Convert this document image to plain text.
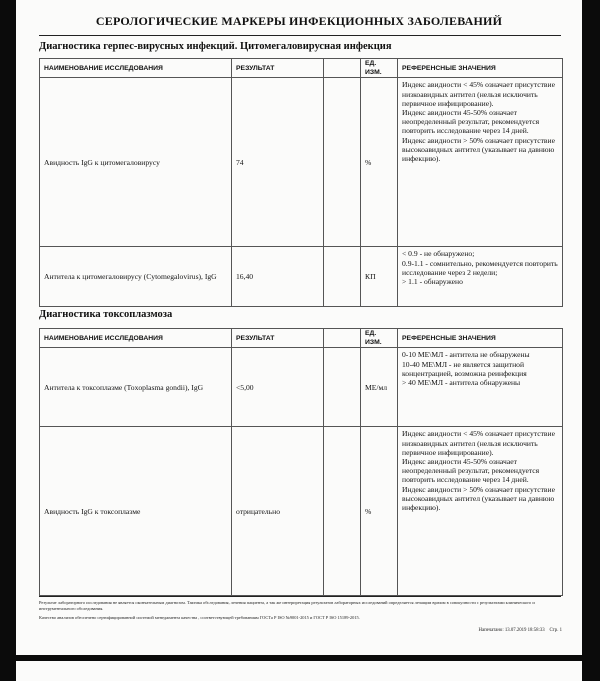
СЕРОЛОГИЧЕСКИЕ МАРКЕРЫ ИНФЕКЦИОННЫХ ЗАБОЛЕВАНИЙ
Диагностика герпес-вирусных инфекций. Цитомегаловирусная инфекция
НАИМЕНОВАНИЕ ИССЛЕДОВАНИЯ	РЕЗУЛЬТАТ		ЕД. ИЗМ.	РЕФЕРЕНСНЫЕ ЗНАЧЕНИЯ
Авидность IgG к цитомегаловирусу	74		%	Индекс авидности < 45% означает присутствие низкоавидных антител (нельзя исключить первичное инфицирование).
Индекс авидности 45-50% означает неопределенный результат, рекомендуется повторить исследование через 14 дней.
Индекс авидности > 50% означает присутствие высокоавидных антител (указывает на давнюю инфекцию).

Антитела к цитомегаловирусу (Cytomegalovirus), IgG	16,40		КП	< 0.9 - не обнаружено;
0.9-1.1 - сомнительно, рекомендуется повторить исследование через 2 недели;
> 1.1 - обнаружено
Диагностика токсоплазмоза
НАИМЕНОВАНИЕ ИССЛЕДОВАНИЯ	РЕЗУЛЬТАТ		ЕД. ИЗМ.	РЕФЕРЕНСНЫЕ ЗНАЧЕНИЯ
Антитела к токсоплазме (Toxoplasma gondii), IgG	<5,00		МЕ/мл	0-10 МЕ\МЛ - антитела не обнаружены
10-40 МЕ\МЛ - не является защитной концентрацией, возможна реинфекция
> 40 МЕ\МЛ - антитела обнаружены

Авидность IgG к токсоплазме	отрицательно		%	Индекс авидности < 45% означает присутствие низкоавидных антител (нельзя исключить первичное инфицирование).
Индекс авидности 45-50% означает неопределенный результат, рекомендуется повторить исследование через 14 дней.
Индекс авидности > 50% означает присутствие высокоавидных антител (указывает на давнюю инфекцию).
Результат лабораторного исследования не является окончательным диагнозом. Тактика обследования, лечения пациента, а так же интерпретация результатов лабораторных исследований определяется лечащим врачом в совокупности с результатами клинического и инструментального обследования.
Качество анализов обеспечено сертифицированной системой менеджмента качества , соответствующей требованиям ГОСТа Р ISO №9001-2015 и ГОСТ Р ISO 15189-2015.
Напечатано: 13.07.2019 18:58:33 Стр. 1
